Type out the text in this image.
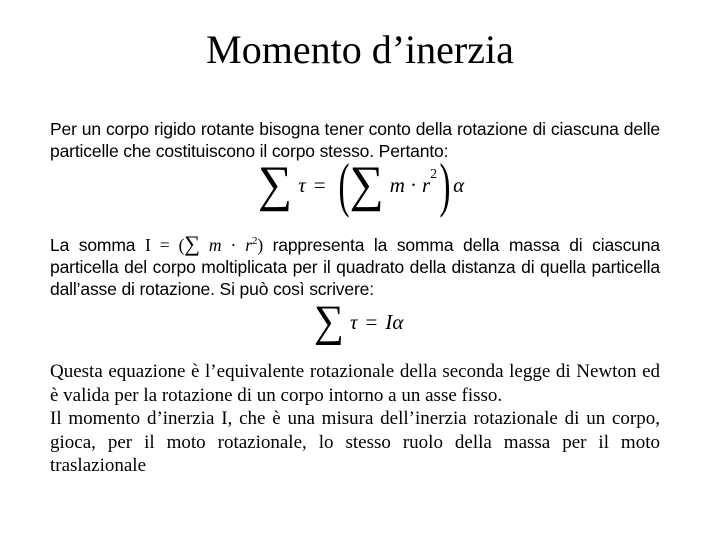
Momento d’inerzia

Per un corpo rigido rotante bisogna tener conto della rotazione di ciascuna delle particelle che costituiscono il corpo stesso. Pertanto:

∑ τ = ( ∑ $m \cdot r^2$ ) α

La somma I = (∑ $m \cdot r^2$) rappresenta la somma della massa di ciascuna particella del corpo moltiplicata per il quadrato della distanza di quella particella dall’asse di rotazione. Si può così scrivere:

∑ τ = I α

Questa equazione è l’equivalente rotazionale della seconda legge di Newton ed è valida per la rotazione di un corpo intorno a un asse fisso.

Il momento d’inerzia I, che è una misura dell’inerzia rotazionale di un corpo, gioca, per il moto rotazionale, lo stesso ruolo della massa per il moto traslazionale
